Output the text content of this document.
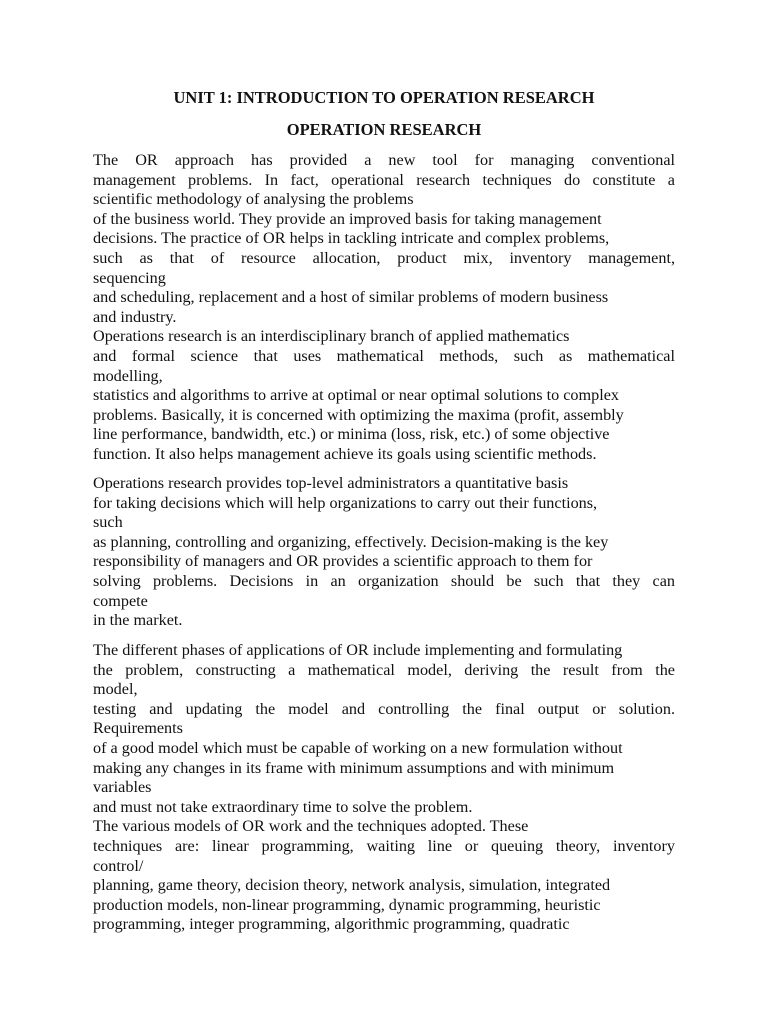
UNIT 1: INTRODUCTION TO OPERATION RESEARCH
OPERATION RESEARCH
The OR approach has provided a new tool for managing conventional
management problems. In fact, operational research techniques do constitute a
scientific methodology of analysing the problems
of the business world. They provide an improved basis for taking management
decisions. The practice of OR helps in tackling intricate and complex problems,
such as that of resource allocation, product mix, inventory management,
sequencing
and scheduling, replacement and a host of similar problems of modern business
and industry.
Operations research is an interdisciplinary branch of applied mathematics
and formal science that uses mathematical methods, such as mathematical
modelling,
statistics and algorithms to arrive at optimal or near optimal solutions to complex
problems. Basically, it is concerned with optimizing the maxima (profit, assembly
line performance, bandwidth, etc.) or minima (loss, risk, etc.) of some objective
function. It also helps management achieve its goals using scientific methods.
Operations research provides top-level administrators a quantitative basis
for taking decisions which will help organizations to carry out their functions,
such
as planning, controlling and organizing, effectively. Decision-making is the key
responsibility of managers and OR provides a scientific approach to them for
solving problems. Decisions in an organization should be such that they can
compete
in the market.
The different phases of applications of OR include implementing and formulating
the problem, constructing a mathematical model, deriving the result from the
model,
testing and updating the model and controlling the final output or solution.
Requirements
of a good model which must be capable of working on a new formulation without
making any changes in its frame with minimum assumptions and with minimum
variables
and must not take extraordinary time to solve the problem.
The various models of OR work and the techniques adopted. These
techniques are: linear programming, waiting line or queuing theory, inventory
control/
planning, game theory, decision theory, network analysis, simulation, integrated
production models, non-linear programming, dynamic programming, heuristic
programming, integer programming, algorithmic programming, quadratic
